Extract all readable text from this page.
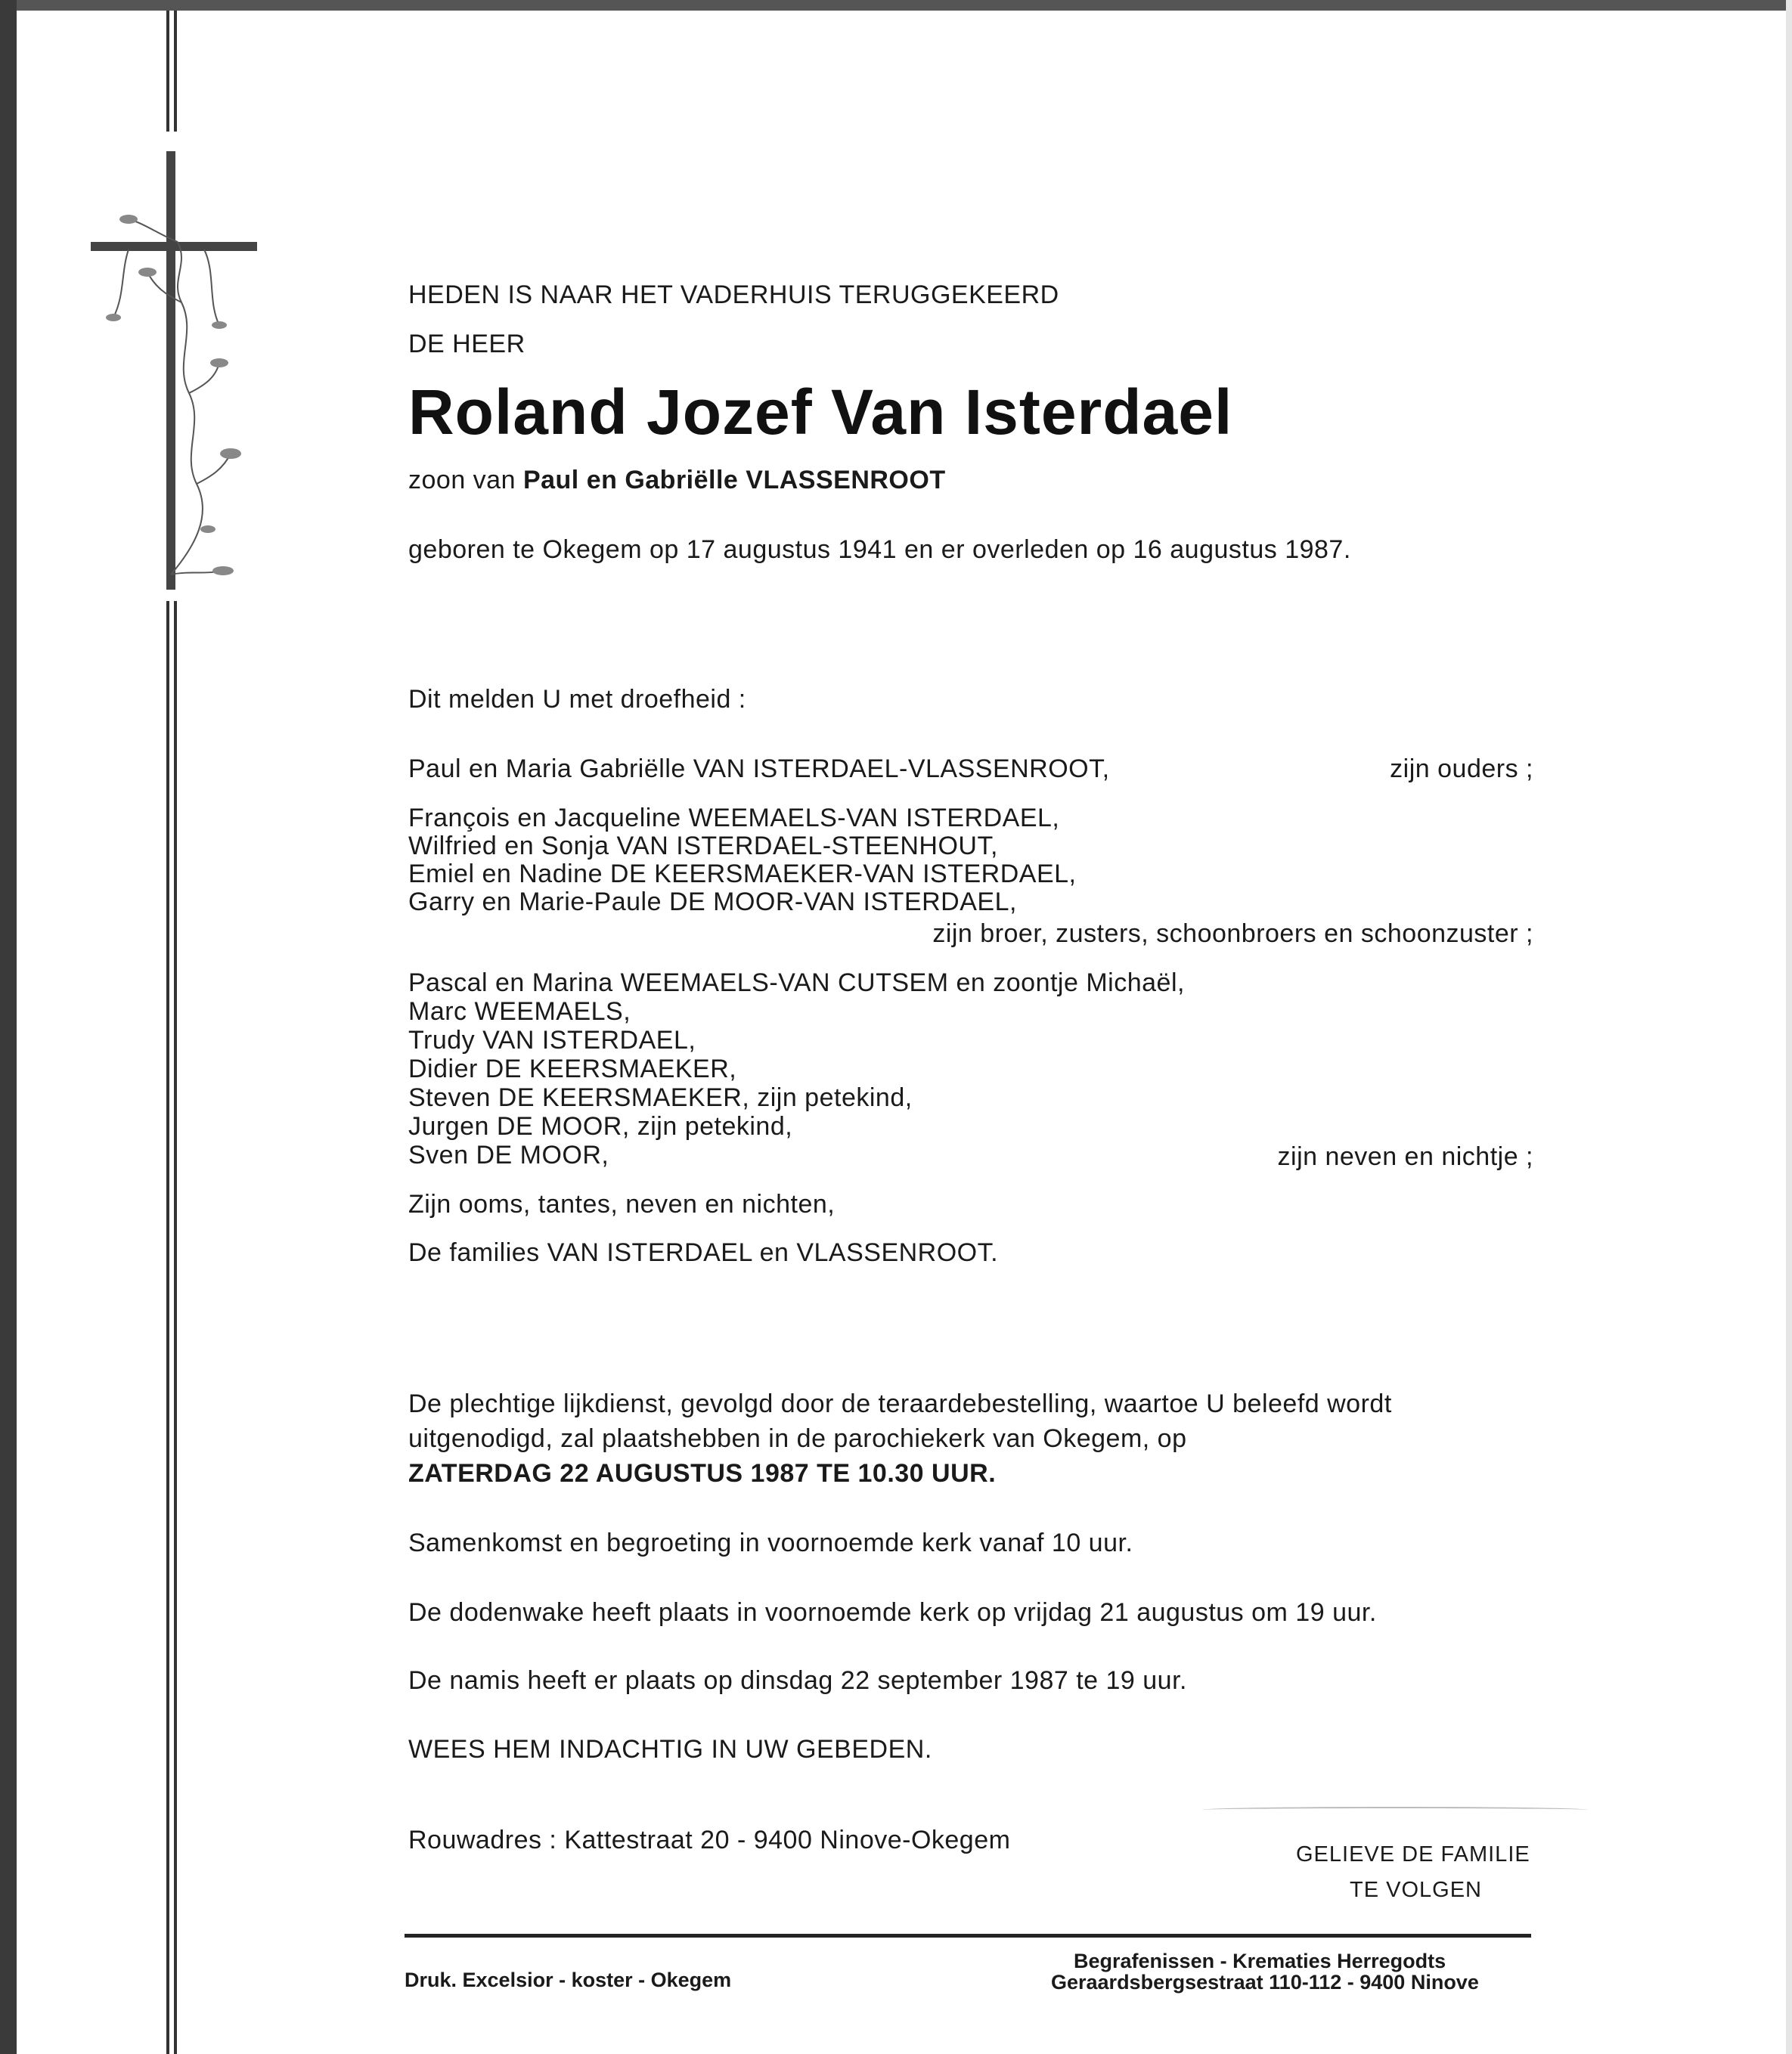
HEDEN IS NAAR HET VADERHUIS TERUGGEKEERD
DE HEER
Roland Jozef Van Isterdael
zoon van Paul en Gabriëlle VLASSENROOT
geboren te Okegem op 17 augustus 1941 en er overleden op 16 augustus 1987.
Dit melden U met droefheid :
Paul en Maria Gabriëlle VAN ISTERDAEL-VLASSENROOT,	zijn ouders ;
François en Jacqueline WEEMAELS-VAN ISTERDAEL,
Wilfried en Sonja VAN ISTERDAEL-STEENHOUT,
Emiel en Nadine DE KEERSMAEKER-VAN ISTERDAEL,
Garry en Marie-Paule DE MOOR-VAN ISTERDAEL,
zijn broer, zusters, schoonbroers en schoonzuster ;
Pascal en Marina WEEMAELS-VAN CUTSEM en zoontje Michaël,
Marc WEEMAELS,
Trudy VAN ISTERDAEL,
Didier DE KEERSMAEKER,
Steven DE KEERSMAEKER, zijn petekind,
Jurgen DE MOOR, zijn petekind,
Sven DE MOOR,	zijn neven en nichtje ;
Zijn ooms, tantes, neven en nichten,
De families VAN ISTERDAEL en VLASSENROOT.
De plechtige lijkdienst, gevolgd door de teraardebestelling, waartoe U beleefd wordt
uitgenodigd, zal plaatshebben in de parochiekerk van Okegem, op
ZATERDAG 22 AUGUSTUS 1987 TE 10.30 UUR.
Samenkomst en begroeting in voornoemde kerk vanaf 10 uur.
De dodenwake heeft plaats in voornoemde kerk op vrijdag 21 augustus om 19 uur.
De namis heeft er plaats op dinsdag 22 september 1987 te 19 uur.
WEES HEM INDACHTIG IN UW GEBEDEN.
Rouwadres : Kattestraat 20 - 9400 Ninove-Okegem	GELIEVE DE FAMILIE
TE VOLGEN
Druk. Excelsior - koster - Okegem
Begrafenissen - Krematies Herregodts
Geraardsbergsestraat 110-112 - 9400 Ninove
